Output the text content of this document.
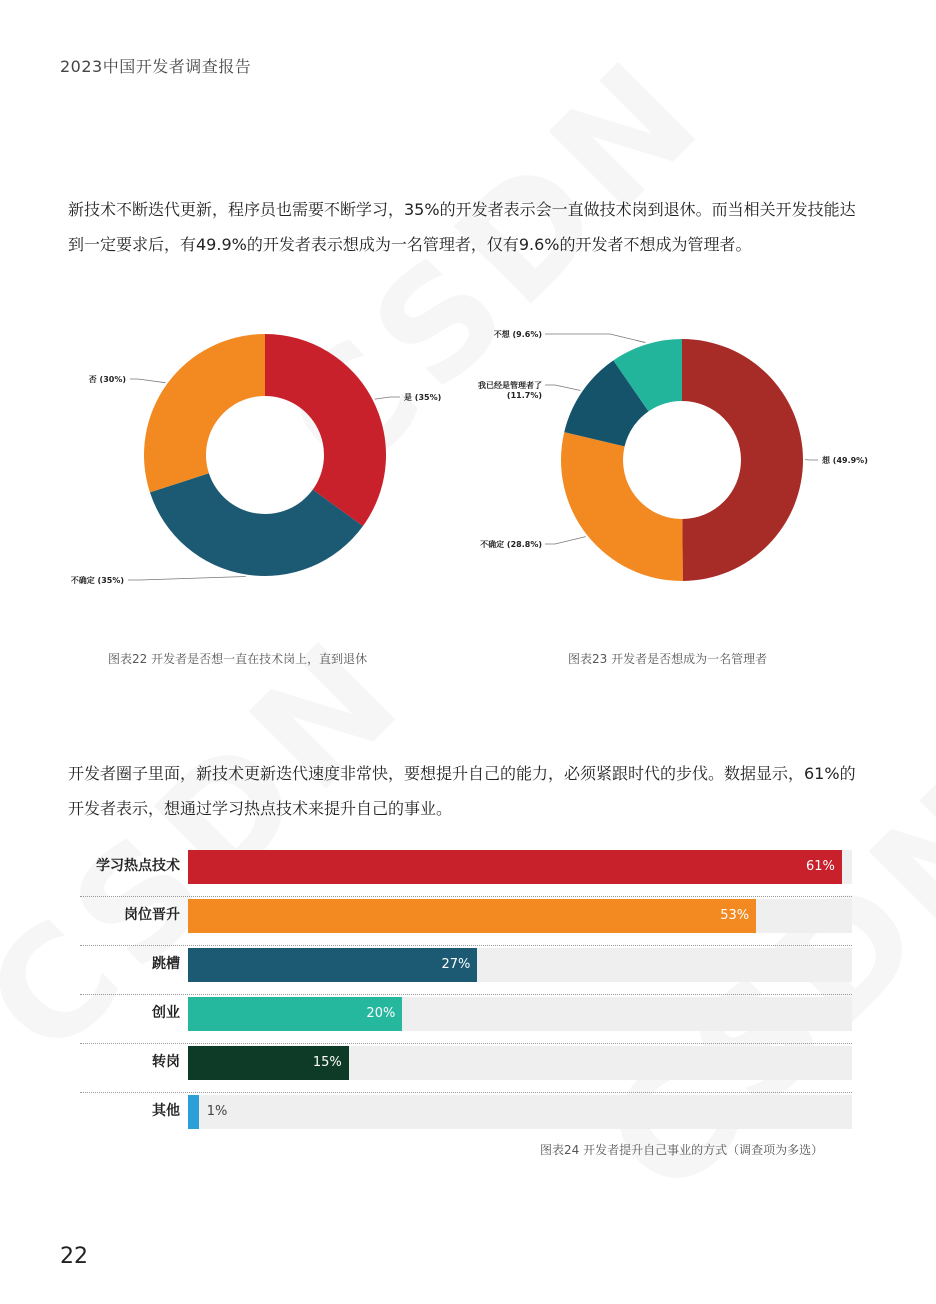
2023中国开发者调查报告

新技术不断迭代更新，程序员也需要不断学习，35%的开发者表示会一直做技术岗到退休。而当相关开发技能达到一定要求后，有49.9%的开发者表示想成为一名管理者，仅有9.6%的开发者不想成为管理者。

是 (35%)
不确定 (35%)
否 (30%)
想 (49.9%)
不确定 (28.8%)
我已经是管理者了
(11.7%)
不想 (9.6%)
图表22 开发者是否想一直在技术岗上，直到退休	图表23 开发者是否想成为一名管理者

开发者圈子里面，新技术更新迭代速度非常快，要想提升自己的能力，必须紧跟时代的步伐。数据显示，61%的开发者表示，想通过学习热点技术来提升自己的事业。

学习热点技术	61%
岗位晋升	53%
跳槽	27%
创业	20%
转岗	15%
其他 1%
图表24 开发者提升自己事业的方式（调查项为多选）
22
